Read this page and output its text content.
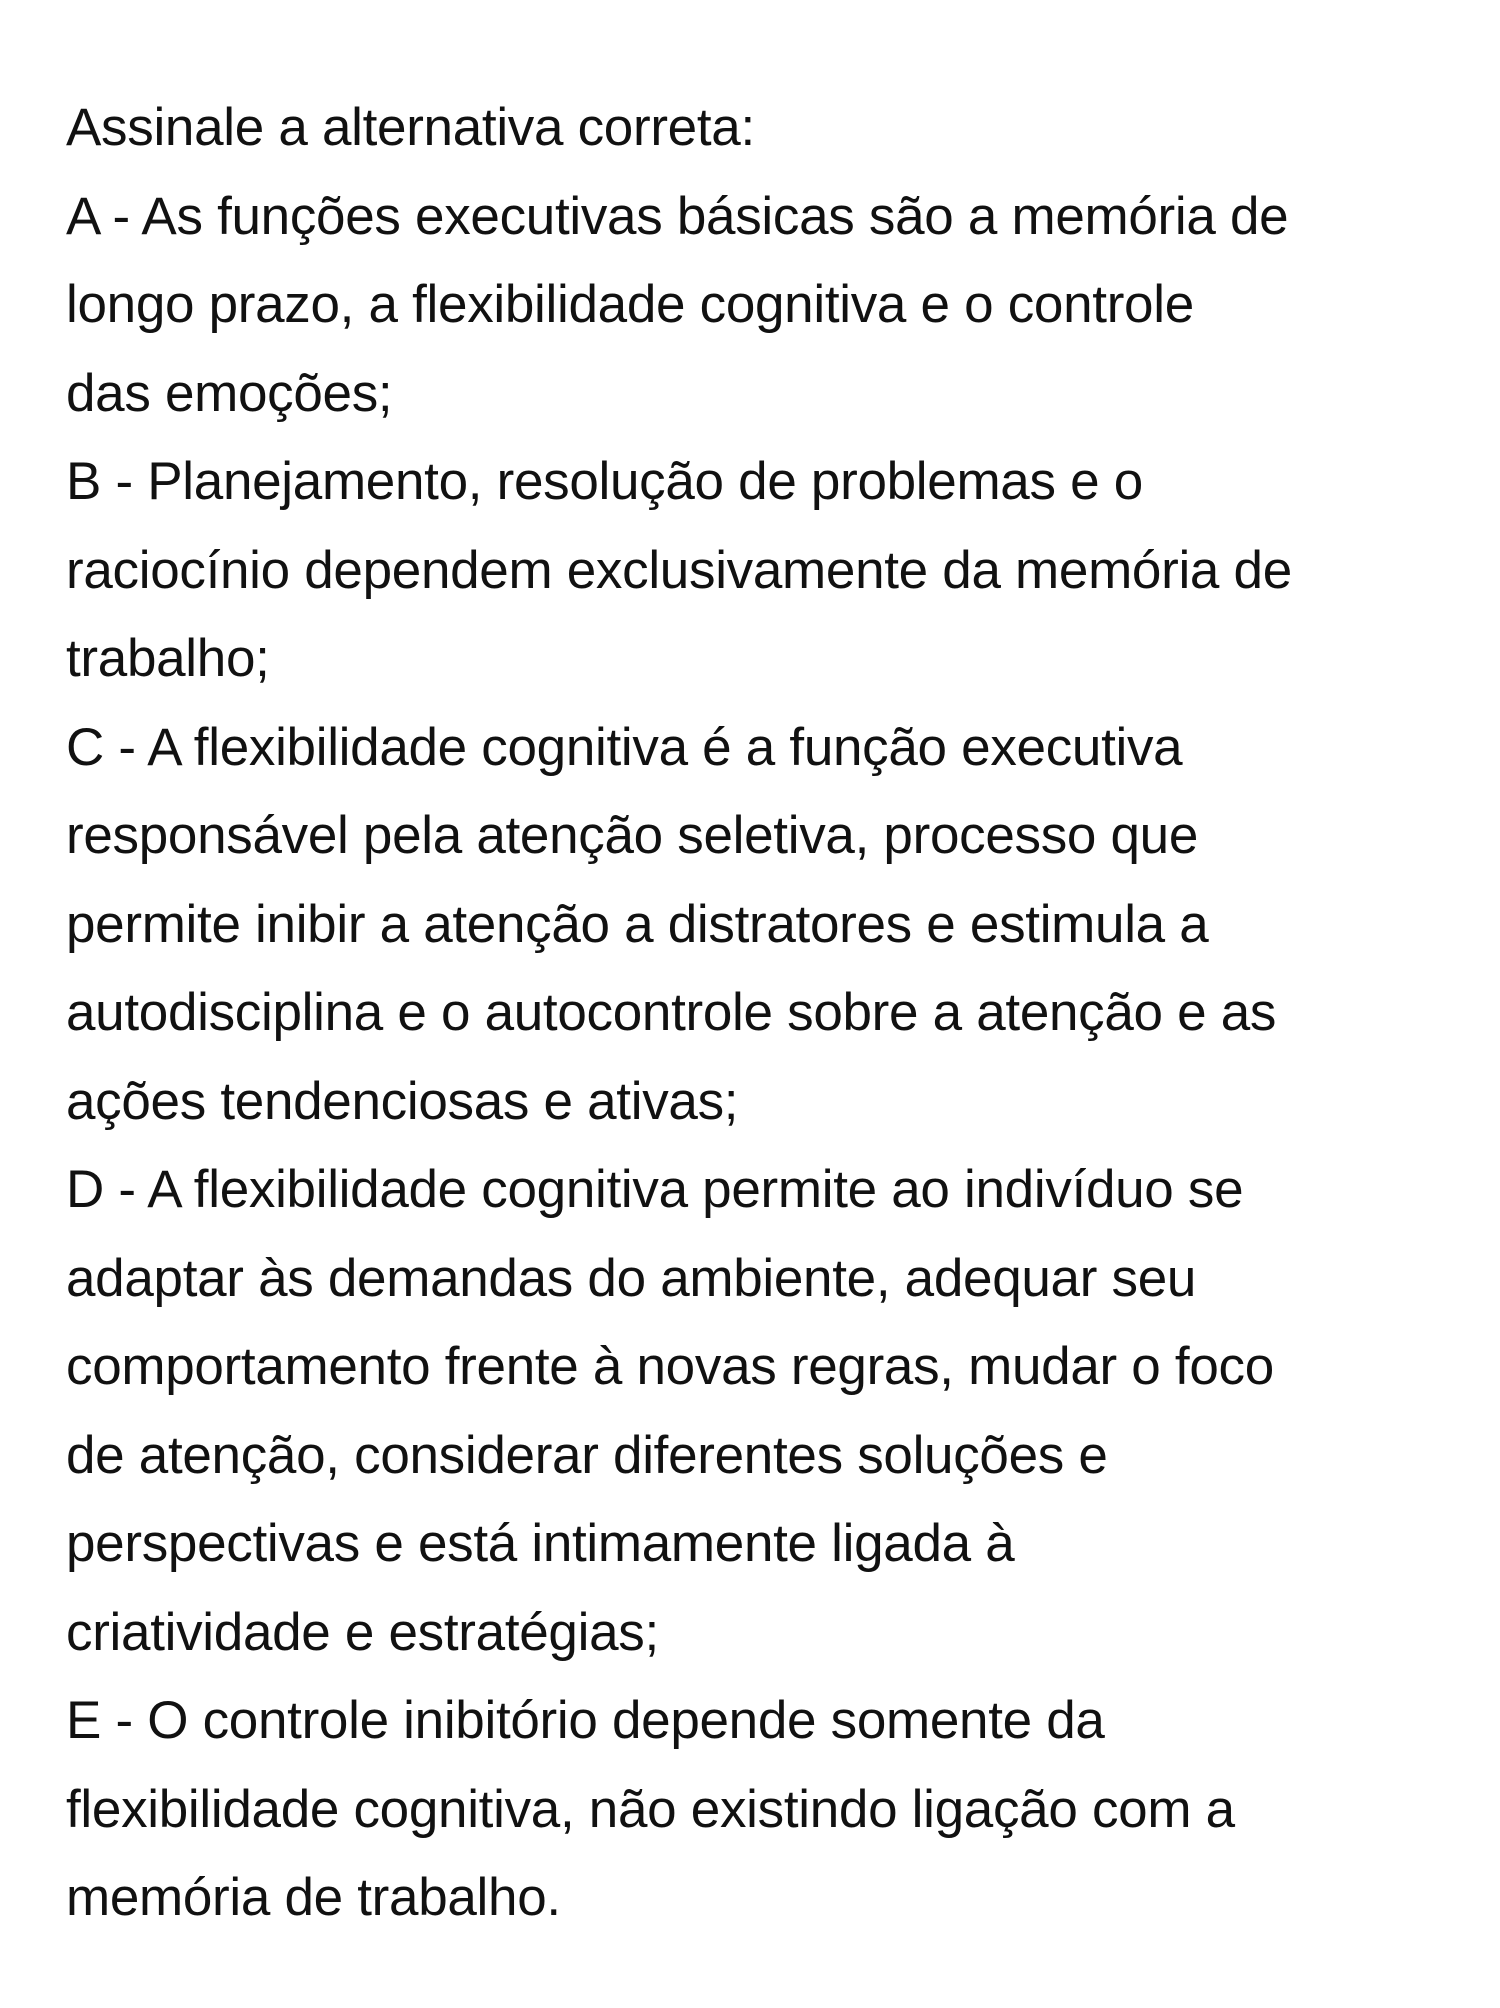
Assinale a alternativa correta:
A - As funções executivas básicas são a memória de
longo prazo, a flexibilidade cognitiva e o controle
das emoções;
B - Planejamento, resolução de problemas e o
raciocínio dependem exclusivamente da memória de
trabalho;
C - A flexibilidade cognitiva é a função executiva
responsável pela atenção seletiva, processo que
permite inibir a atenção a distratores e estimula a
autodisciplina e o autocontrole sobre a atenção e as
ações tendenciosas e ativas;
D - A flexibilidade cognitiva permite ao indivíduo se
adaptar às demandas do ambiente, adequar seu
comportamento frente à novas regras, mudar o foco
de atenção, considerar diferentes soluções e
perspectivas e está intimamente ligada à
criatividade e estratégias;
E - O controle inibitório depende somente da
flexibilidade cognitiva, não existindo ligação com a
memória de trabalho.
